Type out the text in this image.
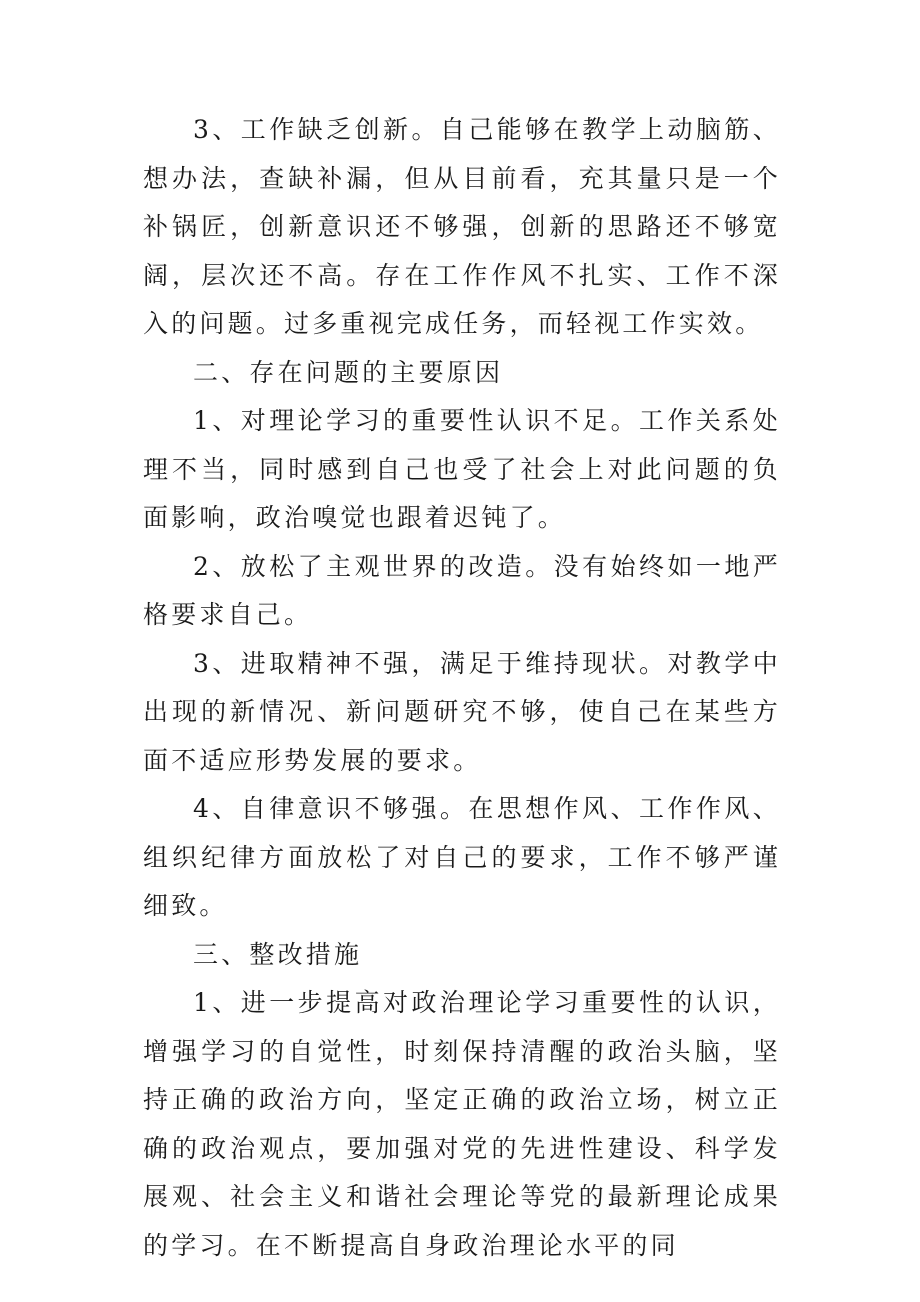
3、工作缺乏创新。自己能够在教学上动脑筋、想办法，查缺补漏，但从目前看，充其量只是一个补锅匠，创新意识还不够强，创新的思路还不够宽阔，层次还不高。存在工作作风不扎实、工作不深入的问题。过多重视完成任务，而轻视工作实效。

二、存在问题的主要原因

1、对理论学习的重要性认识不足。工作关系处理不当，同时感到自己也受了社会上对此问题的负面影响，政治嗅觉也跟着迟钝了。

2、放松了主观世界的改造。没有始终如一地严格要求自己。

3、进取精神不强，满足于维持现状。对教学中出现的新情况、新问题研究不够，使自己在某些方面不适应形势发展的要求。

4、自律意识不够强。在思想作风、工作作风、组织纪律方面放松了对自己的要求，工作不够严谨细致。

三、整改措施

1、进一步提高对政治理论学习重要性的认识，增强学习的自觉性，时刻保持清醒的政治头脑，坚持正确的政治方向，坚定正确的政治立场，树立正确的政治观点，要加强对党的先进性建设、科学发展观、社会主义和谐社会理论等党的最新理论成果的学习。在不断提高自身政治理论水平的同
